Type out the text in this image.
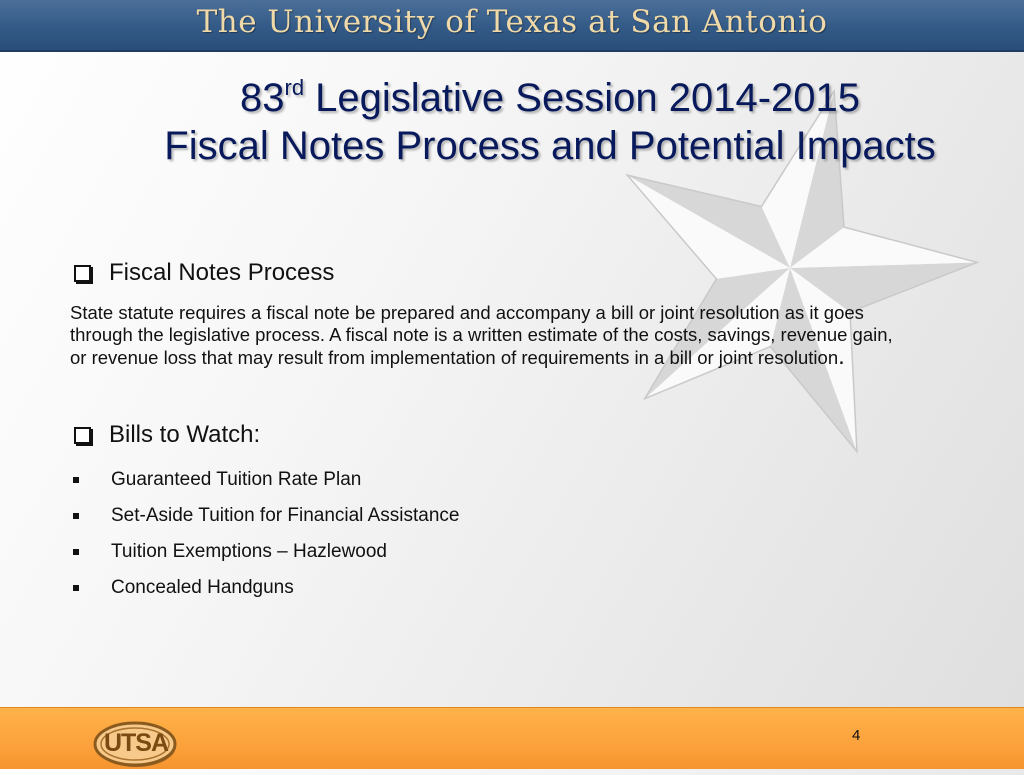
The University of Texas at San Antonio
83rd Legislative Session 2014-2015
Fiscal Notes Process and Potential Impacts
Fiscal Notes Process
State statute requires a fiscal note be prepared and accompany a bill or joint resolution as it goes through the legislative process. A fiscal note is a written estimate of the costs, savings, revenue gain, or revenue loss that may result from implementation of requirements in a bill or joint resolution.
Bills to Watch:
Guaranteed Tuition Rate Plan
Set-Aside Tuition for Financial Assistance
Tuition Exemptions – Hazlewood
Concealed Handguns
UTSA	4
